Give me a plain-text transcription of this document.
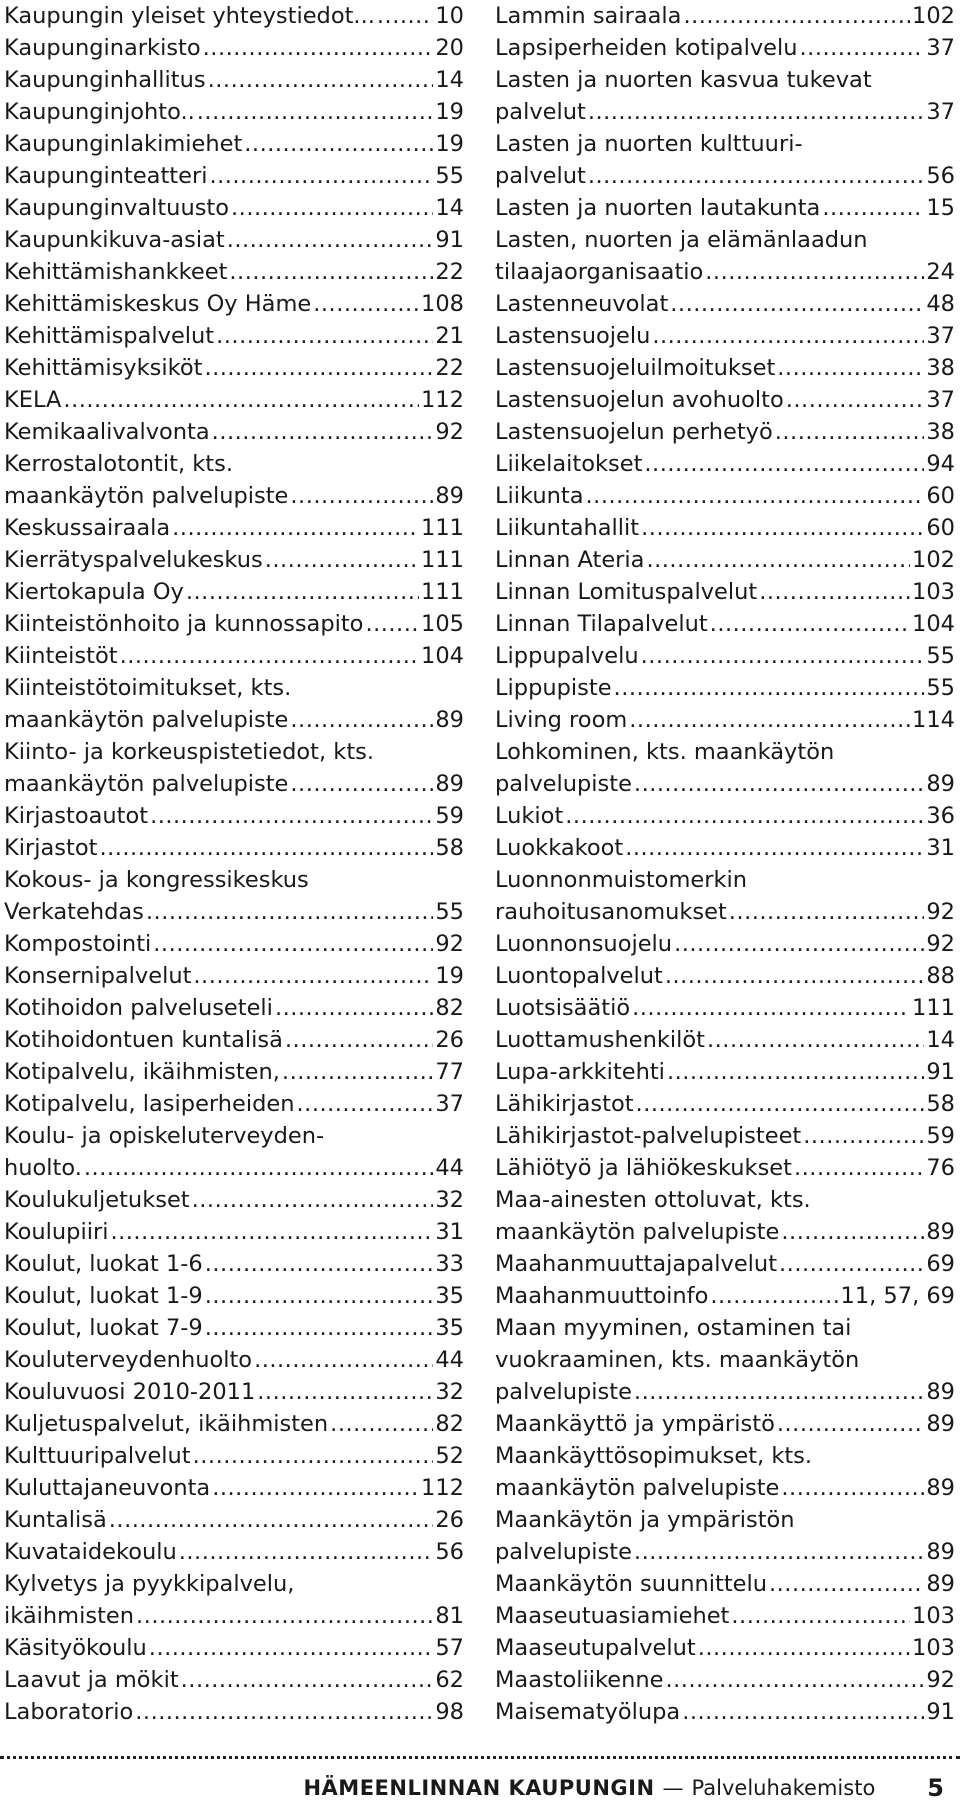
Kaupungin yleiset yhteystiedot... .....	10
Kaupunginarkisto .....	20
Kaupunginhallitus .....	14
Kaupunginjohto.. .....	19
Kaupunginlakimiehet .....	19
Kaupunginteatteri .....	55
Kaupunginvaltuusto .....	14
Kaupunkikuva-asiat .....	91
Kehittämishankkeet .....	22
Kehittämiskeskus Oy Häme .....	108
Kehittämispalvelut .....	21
Kehittämisyksiköt .....	22
KELA .....	112
Kemikaalivalvonta .....	92
Kerrostalotontit, kts.
maankäytön palvelupiste .....	89
Keskussairaala .....	111
Kierrätyspalvelukeskus .....	111
Kiertokapula Oy .....	111
Kiinteistönhoito ja kunnossapito .....	105
Kiinteistöt .....	104
Kiinteistötoimitukset, kts.
maankäytön palvelupiste .....	89
Kiinto- ja korkeuspistetiedot, kts.
maankäytön palvelupiste .....	89
Kirjastoautot .....	59
Kirjastot .....	58
Kokous- ja kongressikeskus
Verkatehdas .....	55
Kompostointi .....	92
Konsernipalvelut .....	19
Kotihoidon palveluseteli .....	82
Kotihoidontuen kuntalisä .....	26
Kotipalvelu, ikäihmisten, .....	77
Kotipalvelu, lasiperheiden .....	37
Koulu- ja opiskeluterveyden-
huolto. .....	44
Koulukuljetukset .....	32
Koulupiiri .....	31
Koulut, luokat 1-6 .....	33
Koulut, luokat 1-9 .....	35
Koulut, luokat 7-9 .....	35
Kouluterveydenhuolto .....	44
Kouluvuosi 2010-2011 .....	32
Kuljetuspalvelut, ikäihmisten .....	82
Kulttuuripalvelut .....	52
Kuluttajaneuvonta .....	112
Kuntalisä .....	26
Kuvataidekoulu .....	56
Kylvetys ja pyykkipalvelu,
ikäihmisten .....	81
Käsityökoulu .....	57
Laavut ja mökit .....	62
Laboratorio .....	98
Lammin sairaala .....	102
Lapsiperheiden kotipalvelu .....	37
Lasten ja nuorten kasvua tukevat
palvelut .....	37
Lasten ja nuorten kulttuuri-
palvelut .....	56
Lasten ja nuorten lautakunta .....	15
Lasten, nuorten ja elämänlaadun
tilaajaorganisaatio .....	24
Lastenneuvolat .....	48
Lastensuojelu .....	37
Lastensuojeluilmoitukset .....	38
Lastensuojelun avohuolto .....	37
Lastensuojelun perhetyö .....	38
Liikelaitokset .....	94
Liikunta .....	60
Liikuntahallit .....	60
Linnan Ateria .....	102
Linnan Lomituspalvelut .....	103
Linnan Tilapalvelut .....	104
Lippupalvelu .....	55
Lippupiste .....	55
Living room .....	114
Lohkominen, kts. maankäytön
palvelupiste .....	89
Lukiot .....	36
Luokkakoot .....	31
Luonnonmuistomerkin
rauhoitusanomukset .....	92
Luonnonsuojelu .....	92
Luontopalvelut .....	88
Luotsisäätiö .....	111
Luottamushenkilöt .....	14
Lupa-arkkitehti .....	91
Lähikirjastot .....	58
Lähikirjastot-palvelupisteet .....	59
Lähiötyö ja lähiökeskukset .....	76
Maa-ainesten ottoluvat, kts.
maankäytön palvelupiste .....	89
Maahanmuuttajapalvelut .....	69
Maahanmuuttoinfo .....	11, 57, 69
Maan myyminen, ostaminen tai
vuokraaminen, kts. maankäytön
palvelupiste .....	89
Maankäyttö ja ympäristö .....	89
Maankäyttösopimukset, kts.
maankäytön palvelupiste .....	89
Maankäytön ja ympäristön
palvelupiste .....	89
Maankäytön suunnittelu .....	89
Maaseutuasiamiehet .....	103
Maaseutupalvelut .....	103
Maastoliikenne .....	92
Maisematyölupa .....	91
HÄMEENLINNAN KAUPUNGIN — Palveluhakemisto 5
